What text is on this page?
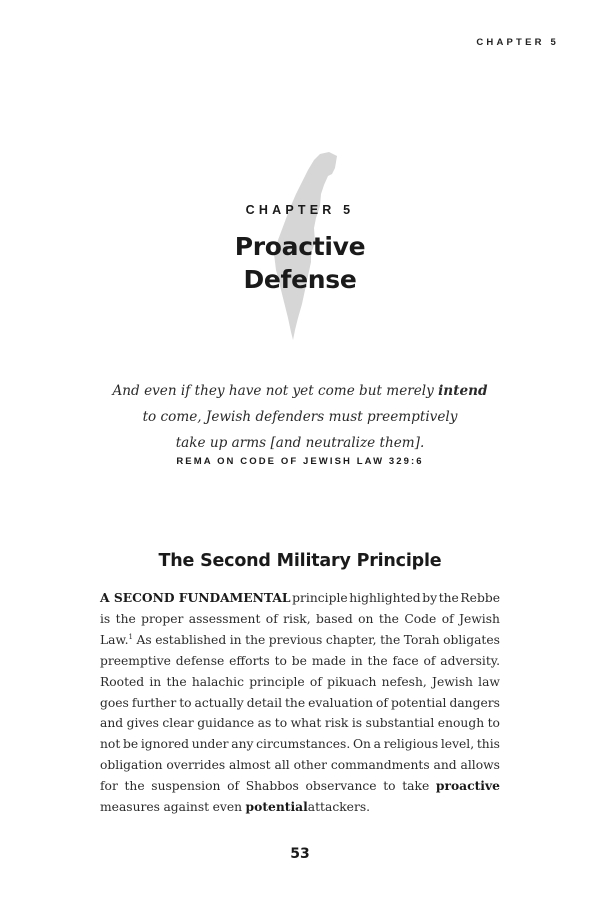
CHAPTER 5
CHAPTER 5
Proactive
Defense
And even if they have not yet come but merely intend
to come, Jewish defenders must preemptively
take up arms [and neutralize them].
REMA ON CODE OF JEWISH LAW 329:6
The Second Military Principle
A SECOND FUNDAMENTAL principle highlighted by the Rebbe
is the proper assessment of risk, based on the Code of Jewish
Law.$^1$ As established in the previous chapter, the Torah obligates
preemptive defense efforts to be made in the face of adversity.
Rooted in the halachic principle of pikuach nefesh, Jewish law
goes further to actually detail the evaluation of potential dangers
and gives clear guidance as to what risk is substantial enough to
not be ignored under any circumstances. On a religious level, this
obligation overrides almost all other commandments and allows
for the suspension of Shabbos observance to take proactive
measures against even potential attackers.
53
